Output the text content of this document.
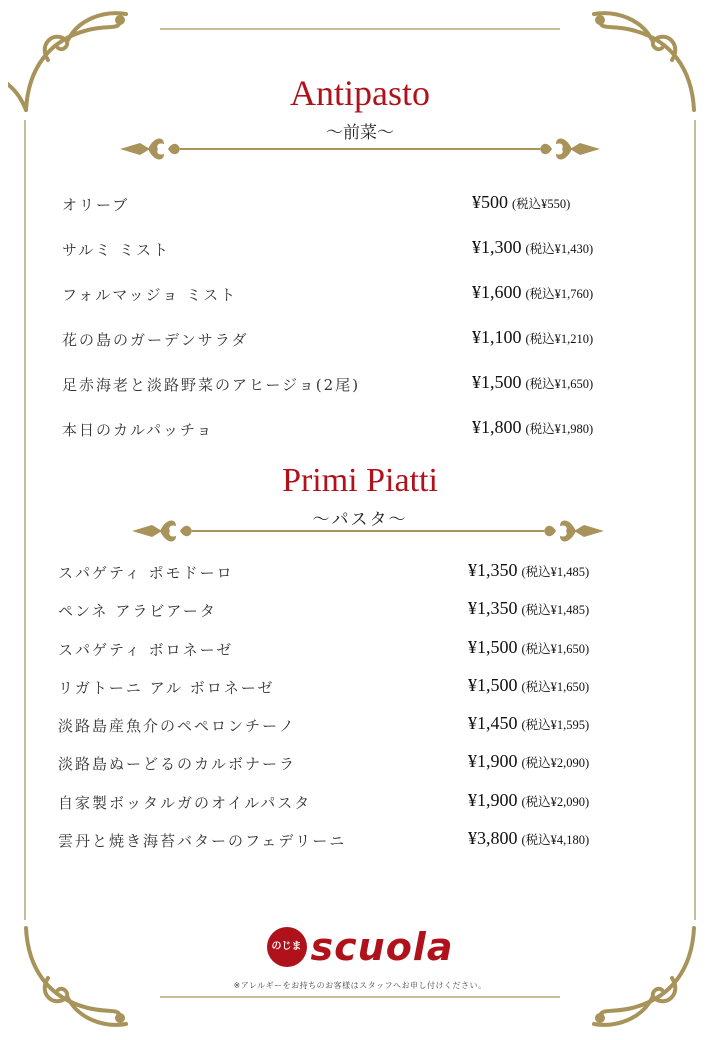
Antipasto
～前菜～
オリーブ	¥500 (税込¥550)
サルミ ミスト	¥1,300 (税込¥1,430)
フォルマッジョ ミスト	¥1,600 (税込¥1,760)
花の島のガーデンサラダ	¥1,100 (税込¥1,210)
足赤海老と淡路野菜のアヒージョ(2尾)	¥1,500 (税込¥1,650)
本日のカルパッチョ	¥1,800 (税込¥1,980)
Primi Piatti
～パスタ～
スパゲティ ポモドーロ	¥1,350 (税込¥1,485)
ペンネ アラビアータ	¥1,350 (税込¥1,485)
スパゲティ ボロネーゼ	¥1,500 (税込¥1,650)
リガトーニ アル ボロネーゼ	¥1,500 (税込¥1,650)
淡路島産魚介のペペロンチーノ	¥1,450 (税込¥1,595)
淡路島ぬーどるのカルボナーラ	¥1,900 (税込¥2,090)
自家製ボッタルガのオイルパスタ	¥1,900 (税込¥2,090)
雲丹と焼き海苔バターのフェデリーニ	¥3,800 (税込¥4,180)
のじま scuola
※アレルギーをお持ちのお客様はスタッフへお申し付けください。
